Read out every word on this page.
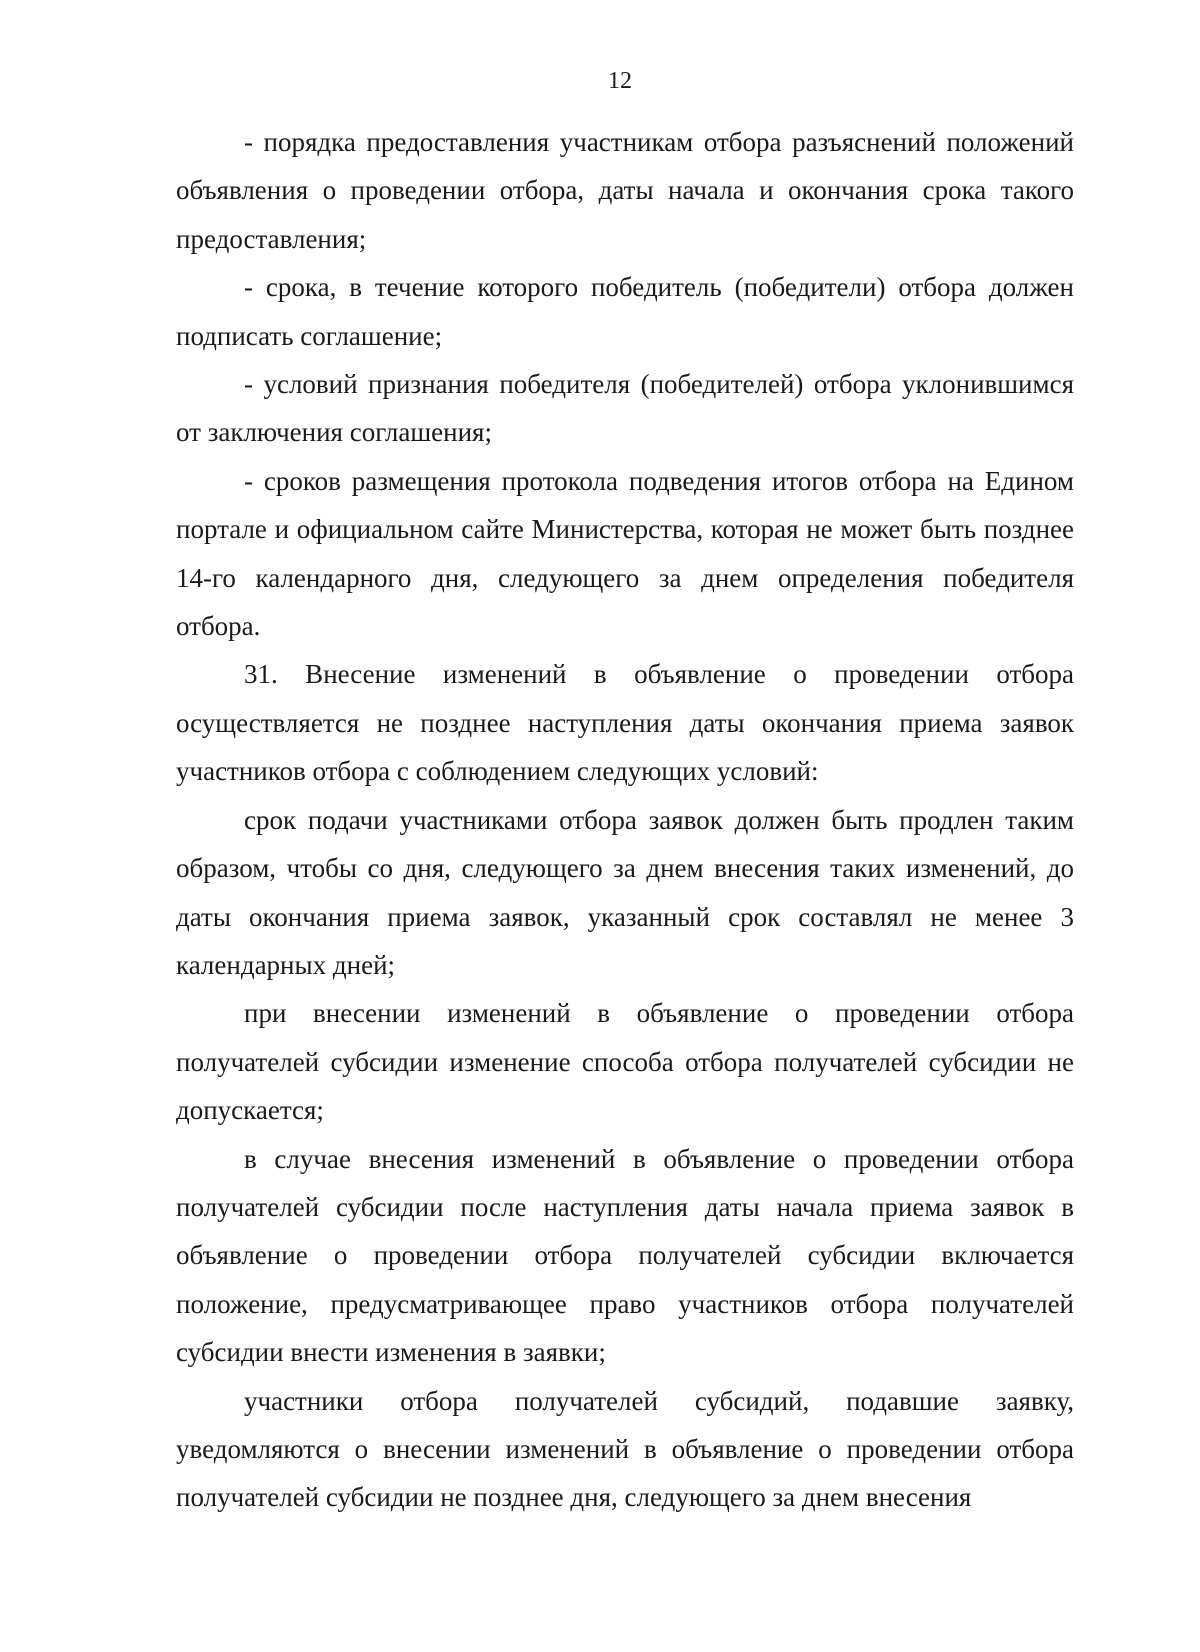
12

- порядка предоставления участникам отбора разъяснений положений объявления о проведении отбора, даты начала и окончания срока такого предоставления;

- срока, в течение которого победитель (победители) отбора должен подписать соглашение;

- условий признания победителя (победителей) отбора уклонившимся от заключения соглашения;

- сроков размещения протокола подведения итогов отбора на Едином портале и официальном сайте Министерства, которая не может быть позднее 14-го календарного дня, следующего за днем определения победителя отбора.

31. Внесение изменений в объявление о проведении отбора осуществляется не позднее наступления даты окончания приема заявок участников отбора с соблюдением следующих условий:

срок подачи участниками отбора заявок должен быть продлен таким образом, чтобы со дня, следующего за днем внесения таких изменений, до даты окончания приема заявок, указанный срок составлял не менее 3 календарных дней;

при внесении изменений в объявление о проведении отбора получателей субсидии изменение способа отбора получателей субсидии не допускается;

в случае внесения изменений в объявление о проведении отбора получателей субсидии после наступления даты начала приема заявок в объявление о проведении отбора получателей субсидии включается положение, предусматривающее право участников отбора получателей субсидии внести изменения в заявки;

участники отбора получателей субсидий, подавшие заявку, уведомляются о внесении изменений в объявление о проведении отбора получателей субсидии не позднее дня, следующего за днем внесения
